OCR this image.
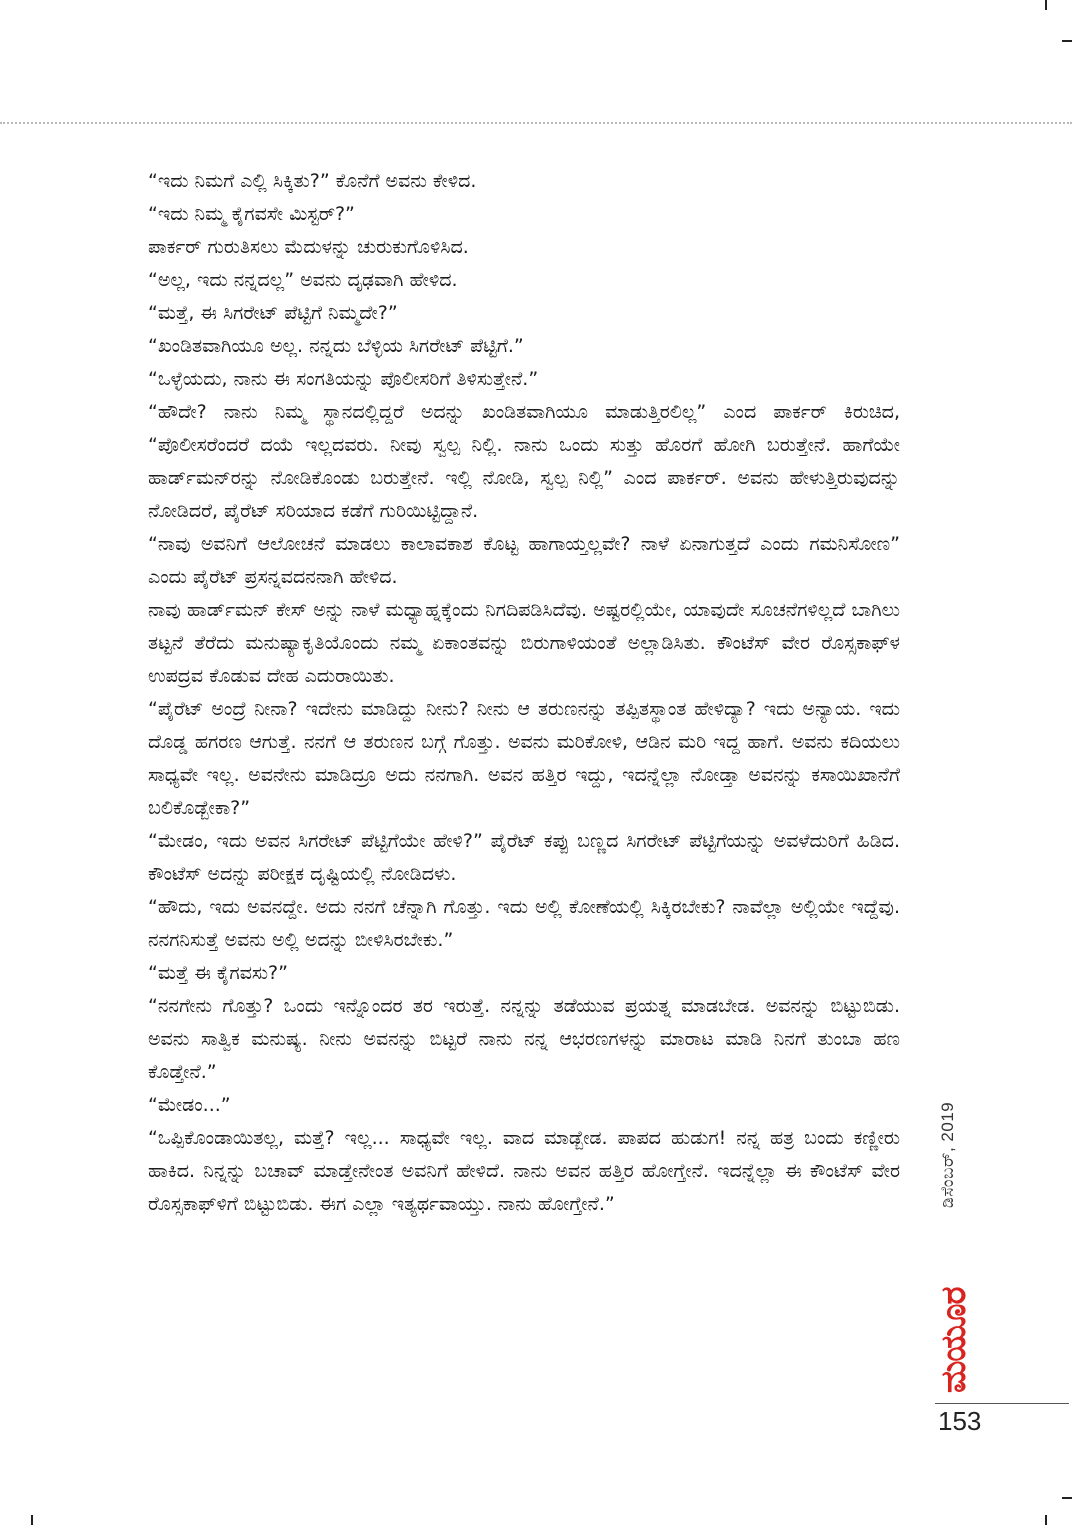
“ಇದು ನಿಮಗೆ ಎಲ್ಲಿ ಸಿಕ್ಕಿತು?” ಕೊನೆಗೆ ಅವನು ಕೇಳಿದ.

“ಇದು ನಿಮ್ಮ ಕೈಗವಸೇ ಮಿಸ್ಟರ್?”

ಪಾರ್ಕರ್ ಗುರುತಿಸಲು ಮೆದುಳನ್ನು ಚುರುಕುಗೊಳಿಸಿದ.

“ಅಲ್ಲ, ಇದು ನನ್ನದಲ್ಲ” ಅವನು ದೃಢವಾಗಿ ಹೇಳಿದ.

“ಮತ್ತೆ, ಈ ಸಿಗರೇಟ್ ಪೆಟ್ಟಿಗೆ ನಿಮ್ಮದೇ?”

“ಖಂಡಿತವಾಗಿಯೂ ಅಲ್ಲ. ನನ್ನದು ಬೆಳ್ಳಿಯ ಸಿಗರೇಟ್ ಪೆಟ್ಟಿಗೆ.”

“ಒಳ್ಳೆಯದು, ನಾನು ಈ ಸಂಗತಿಯನ್ನು ಪೊಲೀಸರಿಗೆ ತಿಳಿಸುತ್ತೇನೆ.”

“ಹೌದೇ? ನಾನು ನಿಮ್ಮ ಸ್ಥಾನದಲ್ಲಿದ್ದರೆ ಅದನ್ನು ಖಂಡಿತವಾಗಿಯೂ ಮಾಡುತ್ತಿರಲಿಲ್ಲ” ಎಂದ ಪಾರ್ಕರ್ ಕಿರುಚಿದ, “ಪೊಲೀಸರೆಂದರೆ ದಯೆ ಇಲ್ಲದವರು. ನೀವು ಸ್ವಲ್ಪ ನಿಲ್ಲಿ. ನಾನು ಒಂದು ಸುತ್ತು ಹೊರಗೆ ಹೋಗಿ ಬರುತ್ತೇನೆ. ಹಾಗೆಯೇ ಹಾರ್ಡ್‌ಮನ್‌ರನ್ನು ನೋಡಿಕೊಂಡು ಬರುತ್ತೇನೆ. ಇಲ್ಲಿ ನೋಡಿ, ಸ್ವಲ್ಪ ನಿಲ್ಲಿ” ಎಂದ ಪಾರ್ಕರ್. ಅವನು ಹೇಳುತ್ತಿರುವುದನ್ನು ನೋಡಿದರೆ, ಪೈರೆಟ್ ಸರಿಯಾದ ಕಡೆಗೆ ಗುರಿಯಿಟ್ಟಿದ್ದಾನೆ.

“ನಾವು ಅವನಿಗೆ ಆಲೋಚನೆ ಮಾಡಲು ಕಾಲಾವಕಾಶ ಕೊಟ್ಟ ಹಾಗಾಯ್ತಲ್ಲವೇ? ನಾಳೆ ಏನಾಗುತ್ತದೆ ಎಂದು ಗಮನಿಸೋಣ” ಎಂದು ಪೈರೆಟ್ ಪ್ರಸನ್ನವದನನಾಗಿ ಹೇಳಿದ.

ನಾವು ಹಾರ್ಡ್‌ಮನ್ ಕೇಸ್ ಅನ್ನು ನಾಳೆ ಮಧ್ಯಾಹ್ನಕ್ಕೆಂದು ನಿಗದಿಪಡಿಸಿದೆವು. ಅಷ್ಟರಲ್ಲಿಯೇ, ಯಾವುದೇ ಸೂಚನೆಗಳಿಲ್ಲದೆ ಬಾಗಿಲು ತಟ್ಟನೆ ತೆರೆದು ಮನುಷ್ಯಾಕೃತಿಯೊಂದು ನಮ್ಮ ಏಕಾಂತವನ್ನು ಬಿರುಗಾಳಿಯಂತೆ ಅಲ್ಲಾಡಿಸಿತು. ಕೌಂಟೆಸ್ ವೇರ ರೊಸ್ಸಕಾಫ್‌ಳ ಉಪದ್ರವ ಕೊಡುವ ದೇಹ ಎದುರಾಯಿತು.

“ಪೈರೆಟ್ ಅಂದ್ರೆ ನೀನಾ? ಇದೇನು ಮಾಡಿದ್ದು ನೀನು? ನೀನು ಆ ತರುಣನನ್ನು ತಪ್ಪಿತಸ್ಥಾಂತ ಹೇಳಿದ್ಯಾ? ಇದು ಅನ್ಯಾಯ. ಇದು ದೊಡ್ಡ ಹಗರಣ ಆಗುತ್ತೆ. ನನಗೆ ಆ ತರುಣನ ಬಗ್ಗೆ ಗೊತ್ತು. ಅವನು ಮರಿಕೋಳಿ, ಆಡಿನ ಮರಿ ಇದ್ದ ಹಾಗೆ. ಅವನು ಕದಿಯಲು ಸಾಧ್ಯವೇ ಇಲ್ಲ. ಅವನೇನು ಮಾಡಿದ್ರೂ ಅದು ನನಗಾಗಿ. ಅವನ ಹತ್ತಿರ ಇದ್ದು, ಇದನ್ನೆಲ್ಲಾ ನೋಡ್ತಾ ಅವನನ್ನು ಕಸಾಯಿಖಾನೆಗೆ ಬಲಿಕೊಡ್ಬೇಕಾ?”

“ಮೇಡಂ, ಇದು ಅವನ ಸಿಗರೇಟ್ ಪೆಟ್ಟಿಗೆಯೇ ಹೇಳಿ?” ಪೈರೆಟ್ ಕಪ್ಪು ಬಣ್ಣದ ಸಿಗರೇಟ್ ಪೆಟ್ಟಿಗೆಯನ್ನು ಅವಳೆದುರಿಗೆ ಹಿಡಿದ. ಕೌಂಟೆಸ್ ಅದನ್ನು ಪರೀಕ್ಷಕ ದೃಷ್ಟಿಯಲ್ಲಿ ನೋಡಿದಳು.

“ಹೌದು, ಇದು ಅವನದ್ದೇ. ಅದು ನನಗೆ ಚೆನ್ನಾಗಿ ಗೊತ್ತು. ಇದು ಅಲ್ಲಿ ಕೋಣೆಯಲ್ಲಿ ಸಿಕ್ಕಿರಬೇಕು? ನಾವೆಲ್ಲಾ ಅಲ್ಲಿಯೇ ಇದ್ದೆವು. ನನಗನಿಸುತ್ತೆ ಅವನು ಅಲ್ಲಿ ಅದನ್ನು ಬೀಳಿಸಿರಬೇಕು.”

“ಮತ್ತೆ ಈ ಕೈಗವಸು?”

“ನನಗೇನು ಗೊತ್ತು? ಒಂದು ಇನ್ನೊಂದರ ತರ ಇರುತ್ತೆ. ನನ್ನನ್ನು ತಡೆಯುವ ಪ್ರಯತ್ನ ಮಾಡಬೇಡ. ಅವನನ್ನು ಬಿಟ್ಟುಬಿಡು. ಅವನು ಸಾತ್ವಿಕ ಮನುಷ್ಯ. ನೀನು ಅವನನ್ನು ಬಿಟ್ಟರೆ ನಾನು ನನ್ನ ಆಭರಣಗಳನ್ನು ಮಾರಾಟ ಮಾಡಿ ನಿನಗೆ ತುಂಬಾ ಹಣ ಕೊಡ್ತೇನೆ.”

“ಮೇಡಂ...”

“ಒಪ್ಪಿಕೊಂಡಾಯಿತಲ್ಲ, ಮತ್ತೆ? ಇಲ್ಲ... ಸಾಧ್ಯವೇ ಇಲ್ಲ. ವಾದ ಮಾಡ್ಬೇಡ. ಪಾಪದ ಹುಡುಗ! ನನ್ನ ಹತ್ರ ಬಂದು ಕಣ್ಣೀರು ಹಾಕಿದ. ನಿನ್ನನ್ನು ಬಚಾವ್ ಮಾಡ್ತೇನೇಂತ ಅವನಿಗೆ ಹೇಳಿದೆ. ನಾನು ಅವನ ಹತ್ತಿರ ಹೋಗ್ತೇನೆ. ಇದನ್ನೆಲ್ಲಾ ಈ ಕೌಂಟೆಸ್ ವೇರ ರೊಸ್ಸಕಾಫ್‌ಳಿಗೆ ಬಿಟ್ಟುಬಿಡು. ಈಗ ಎಲ್ಲಾ ಇತ್ಯರ್ಥವಾಯ್ತು. ನಾನು ಹೋಗ್ತೇನೆ.”	ಡಿಸೆಂಬರ್, 2019
ಮಯೂರ
153
